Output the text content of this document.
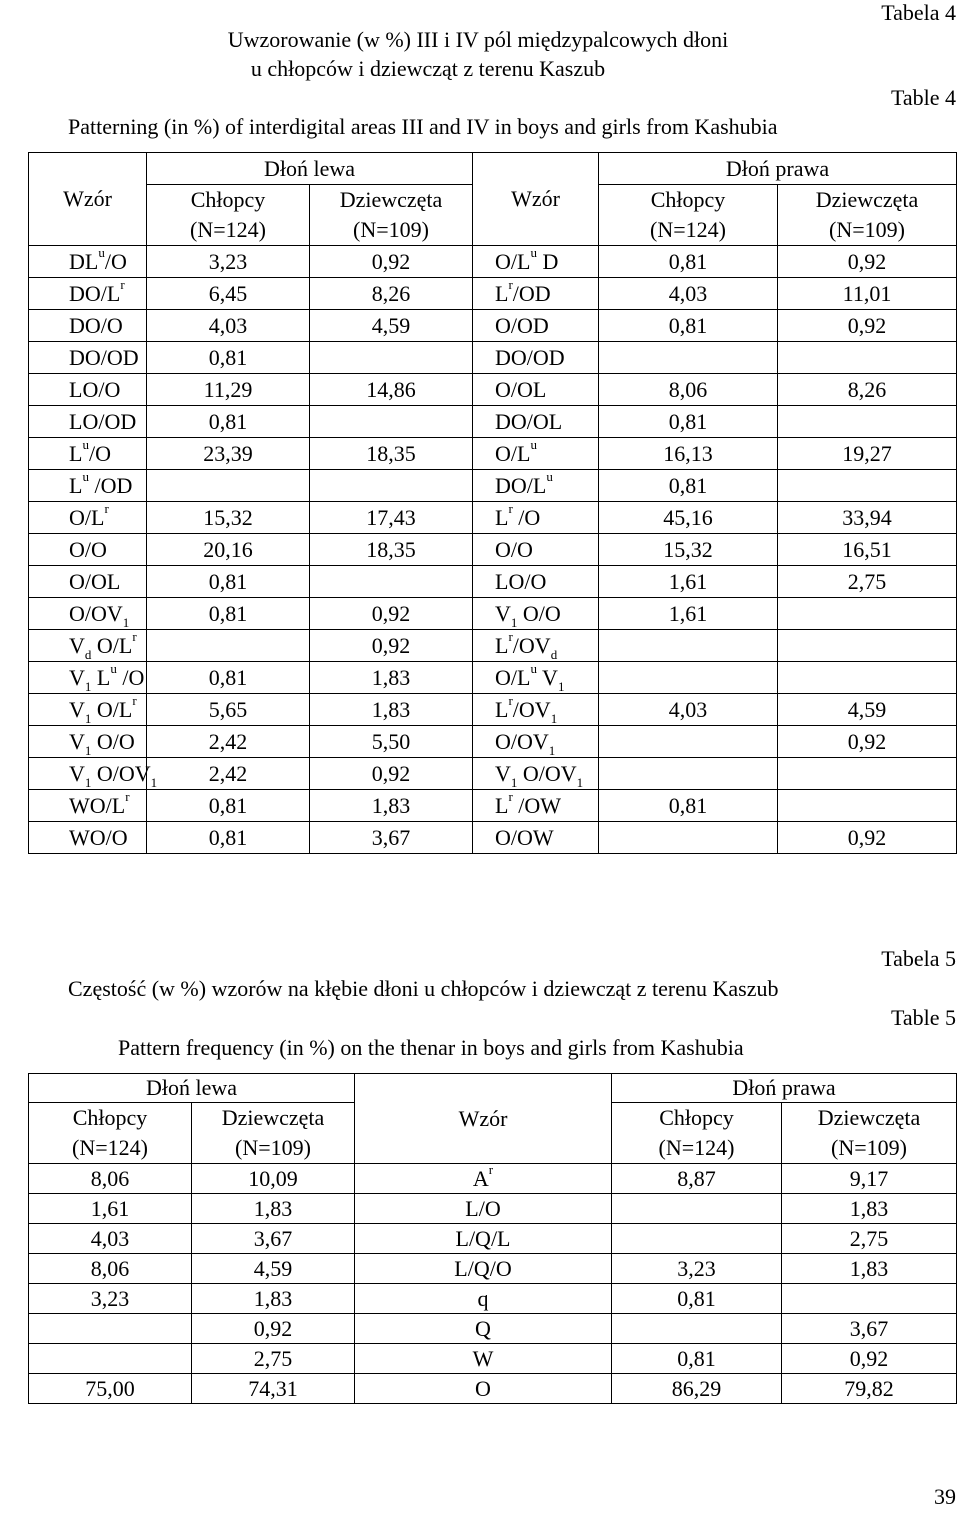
Tabela 4
Uwzorowanie (w %) III i IV pól międzypalcowych dłoni
u chłopców i dziewcząt z terenu Kaszub
Table 4
Patterning (in %) of interdigital areas III and IV in boys and girls from Kashubia
Wzór	Dłoń lewa		Wzór	Dłoń prawa	
	Chłopcy
(N=124)	Dziewczęta
(N=109)		Chłopcy
(N=124)	Dziewczęta
(N=109)
$DL^u/O$	3,23	0,92	$O/L^u$ D	0,81	0,92
$DO/L^r$	6,45	8,26	$L^r/OD$	4,03	11,01
DO/O	4,03	4,59	O/OD	0,81	0,92
DO/OD	0,81		DO/OD		
LO/O	11,29	14,86	O/OL	8,06	8,26
LO/OD	0,81		DO/OL	0,81	
$L^u/O$	23,39	18,35	$O/L^u$	16,13	19,27
$L^u$ /OD			$DO/L^u$	0,81	
$O/L^r$	15,32	17,43	$L^r$ /O	45,16	33,94
O/O	20,16	18,35	O/O	15,32	16,51
O/OL	0,81		LO/O	1,61	2,75
$O/OV_1$	0,81	0,92	$V_1$ O/O	1,61	
$V_d$ $O/L^r$		0,92	$L^r/OV_d$		
$V_1$ $L^u$ /O	0,81	1,83	$O/L^u$ $V_1$		
$V_1$ $O/L^r$	5,65	1,83	$L^r/OV_1$	4,03	4,59
$V_1$ O/O	2,42	5,50	$O/OV_1$		0,92
$V_1$ $O/OV_1$	2,42	0,92	$V_1$ $O/OV_1$		
$WO/L^r$	0,81	1,83	$L^r$ /OW	0,81	
WO/O	0,81	3,67	O/OW		0,92
Tabela 5
Częstość (w %) wzorów na kłębie dłoni u chłopców i dziewcząt z terenu Kaszub
Table 5
Pattern frequency (in %) on the thenar in boys and girls from Kashubia
Dłoń lewa		Wzór	Dłoń prawa	
Chłopcy
(N=124)	Dziewczęta
(N=109)		Chłopcy
(N=124)	Dziewczęta
(N=109)
8,06	10,09	$A^r$	8,87	9,17
1,61	1,83	L/O		1,83
4,03	3,67	L/Q/L		2,75
8,06	4,59	L/Q/O	3,23	1,83
3,23	1,83	q	0,81	
	0,92	Q		3,67
	2,75	W	0,81	0,92
75,00	74,31	O	86,29	79,82
39
